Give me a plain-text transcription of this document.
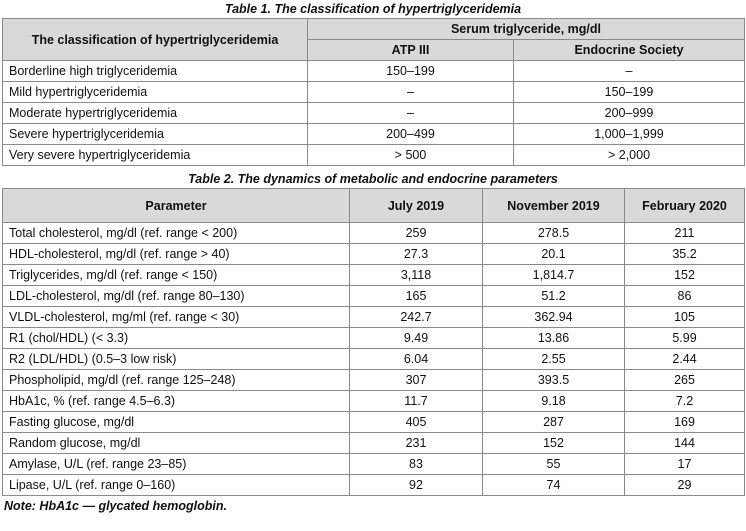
Table 1. The classification of hypertriglyceridemia
The classification of hypertriglyceridemia	Serum triglyceride, mg/dl	
	ATP III	Endocrine Society
Borderline high triglyceridemia	150–199	–
Mild hypertriglyceridemia	–	150–199
Moderate hypertriglyceridemia	–	200–999
Severe hypertriglyceridemia	200–499	1,000–1,999
Very severe hypertriglyceridemia	> 500	> 2,000
Table 2. The dynamics of metabolic and endocrine parameters
Parameter	July 2019	November 2019	February 2020
Total cholesterol, mg/dl (ref. range < 200)	259	278.5	211
HDL-cholesterol, mg/dl (ref. range > 40)	27.3	20.1	35.2
Triglycerides, mg/dl (ref. range < 150)	3,118	1,814.7	152
LDL-cholesterol, mg/dl (ref. range 80–130)	165	51.2	86
VLDL-cholesterol, mg/ml (ref. range < 30)	242.7	362.94	105
R1 (chol/HDL) (< 3.3)	9.49	13.86	5.99
R2 (LDL/HDL) (0.5–3 low risk)	6.04	2.55	2.44
Phospholipid, mg/dl (ref. range 125–248)	307	393.5	265
HbA1c, % (ref. range 4.5–6.3)	11.7	9.18	7.2
Fasting glucose, mg/dl	405	287	169
Random glucose, mg/dl	231	152	144
Amylase, U/L (ref. range 23–85)	83	55	17
Lipase, U/L (ref. range 0–160)	92	74	29
Note: HbA1c — glycated hemoglobin.
